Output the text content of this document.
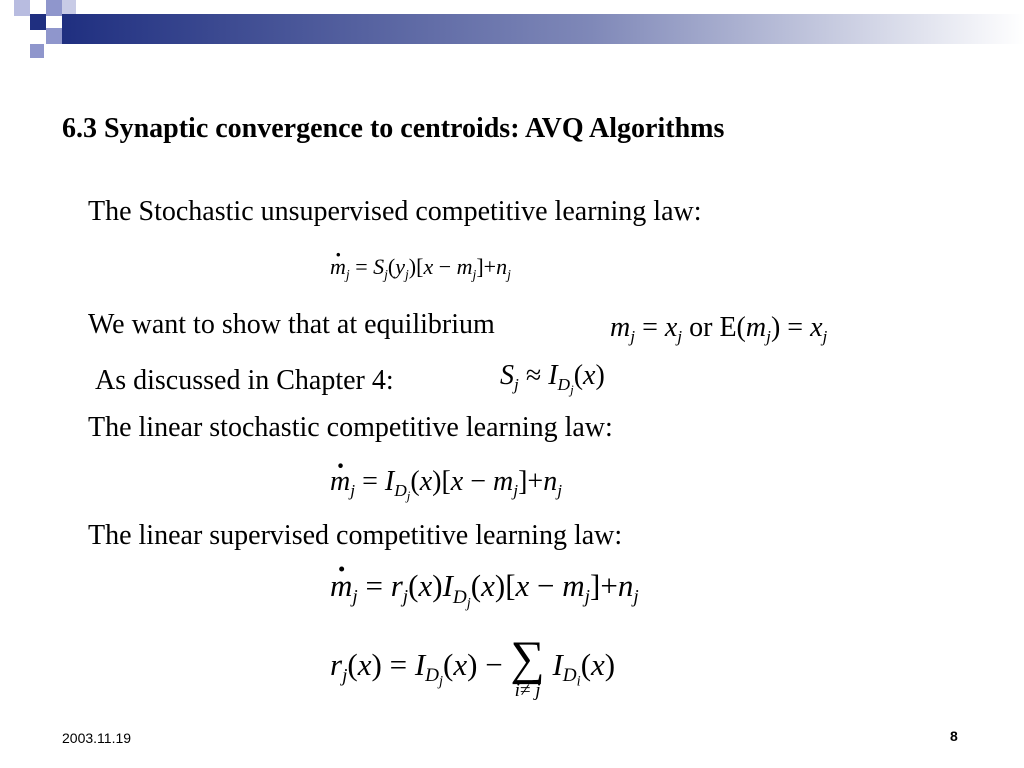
6.3 Synaptic convergence to centroids: AVQ Algorithms
The Stochastic unsupervised competitive learning law:
· $m_j = S_j(y_j)[x - m_j]+n_j$
We want to show that at equilibrium	$m_j = x_j$ or $E(m_j) = x_j$
As discussed in Chapter 4:	$S_j \approx I_{D_j}(x)$
The linear stochastic competitive learning law:
· $m_j = I_{D_j}(x)[x - m_j]+n_j$
The linear supervised competitive learning law:
· $m_j = r_j(x)I_{D_j}(x)[x - m_j]+n_j$
$r_j(x) = I_{D_j}(x)$ − ∑
i≠ j
$I_{D_i}(x)$
2003.11.19	8
